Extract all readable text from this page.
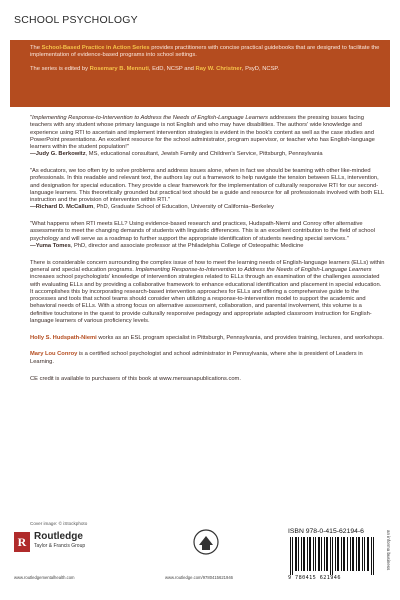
SCHOOL PSYCHOLOGY

The School-Based Practice in Action Series provides practitioners with concise practical guidebooks that are designed to facilitate the implementation of evidence-based programs into school settings.

The series is edited by Rosemary B. Mennuti, EdD, NCSP and Ray W. Christner, PsyD, NCSP.

"Implementing Response-to-Intervention to Address the Needs of English-Language Learners addresses the pressing issues facing teachers with any student whose primary language is not English and who may have disabilities. The authors' wide knowledge and experience using RTI to ascertain and implement intervention strategies is evident in the book's content as well as the case studies and PowerPoint presentations. An excellent resource for the school administrator, program supervisor, or teacher who has English-language learners within the student population!"
—Judy G. Berkowitz, MS, educational consultant, Jewish Family and Children's Service, Pittsburgh, Pennsylvania

"As educators, we too often try to solve problems and address issues alone, when in fact we should be teaming with other like-minded professionals. In this readable and relevant text, the authors lay out a framework to help navigate the tension between ELLs, intervention, and designation for special education. They provide a clear framework for the implementation of culturally responsive RTI for our second-language learners. This theoretically grounded but practical text should be a guide and resource for all professionals involved with both ELL instruction and the provision of intervention within RTI."
—Richard D. McCallum, PhD, Graduate School of Education, University of California–Berkeley

"What happens when RTI meets ELL? Using evidence-based research and practices, Hudspath-Niemi and Conroy offer alternative assessments to meet the changing demands of students with linguistic differences. This is an excellent contribution to the field of school psychology and will serve as a roadmap to further support the appropriate identification of students needing special services."
—Yuma Tomes, PhD, director and associate professor at the Philadelphia College of Osteopathic Medicine

There is considerable concern surrounding the complex issue of how to meet the learning needs of English-language learners (ELLs) within general and special education programs. Implementing Response-to-Intervention to Address the Needs of English-Language Learners increases school psychologists' knowledge of intervention strategies related to ELLs through an examination of the challenges associated with evaluating ELLs and by providing a collaborative framework to enhance educational identification and placement in special education. It accomplishes this by incorporating research-based intervention approaches for ELLs and offering a comprehensive guide to the processes and tools that school teams should consider when utilizing a response-to-intervention model to support the academic and behavioral needs of ELLs. With a strong focus on alternative assessment, collaboration, and parental involvement, this volume is a definitive touchstone in the quest to provide culturally responsive pedagogy and appropriate adapted classroom instruction for English-language learners of various proficiency levels.

Holly S. Hudspath-Niemi works as an ESL program specialist in Pittsburgh, Pennsylvania, and provides training, lectures, and workshops.

Mary Lou Conroy is a certified school psychologist and school administrator in Pennsylvania, where she is president of Leaders in Learning.

CE credit is available to purchasers of this book at www.mensanapublications.com.

Cover image: © iStockphoto
R Routledge
Taylor & Francis Group
www.routledgementalhealth.com	www.routledge.com/9780415621946
ISBN 978-0-415-62194-6
9 780415 621946
an informa business
